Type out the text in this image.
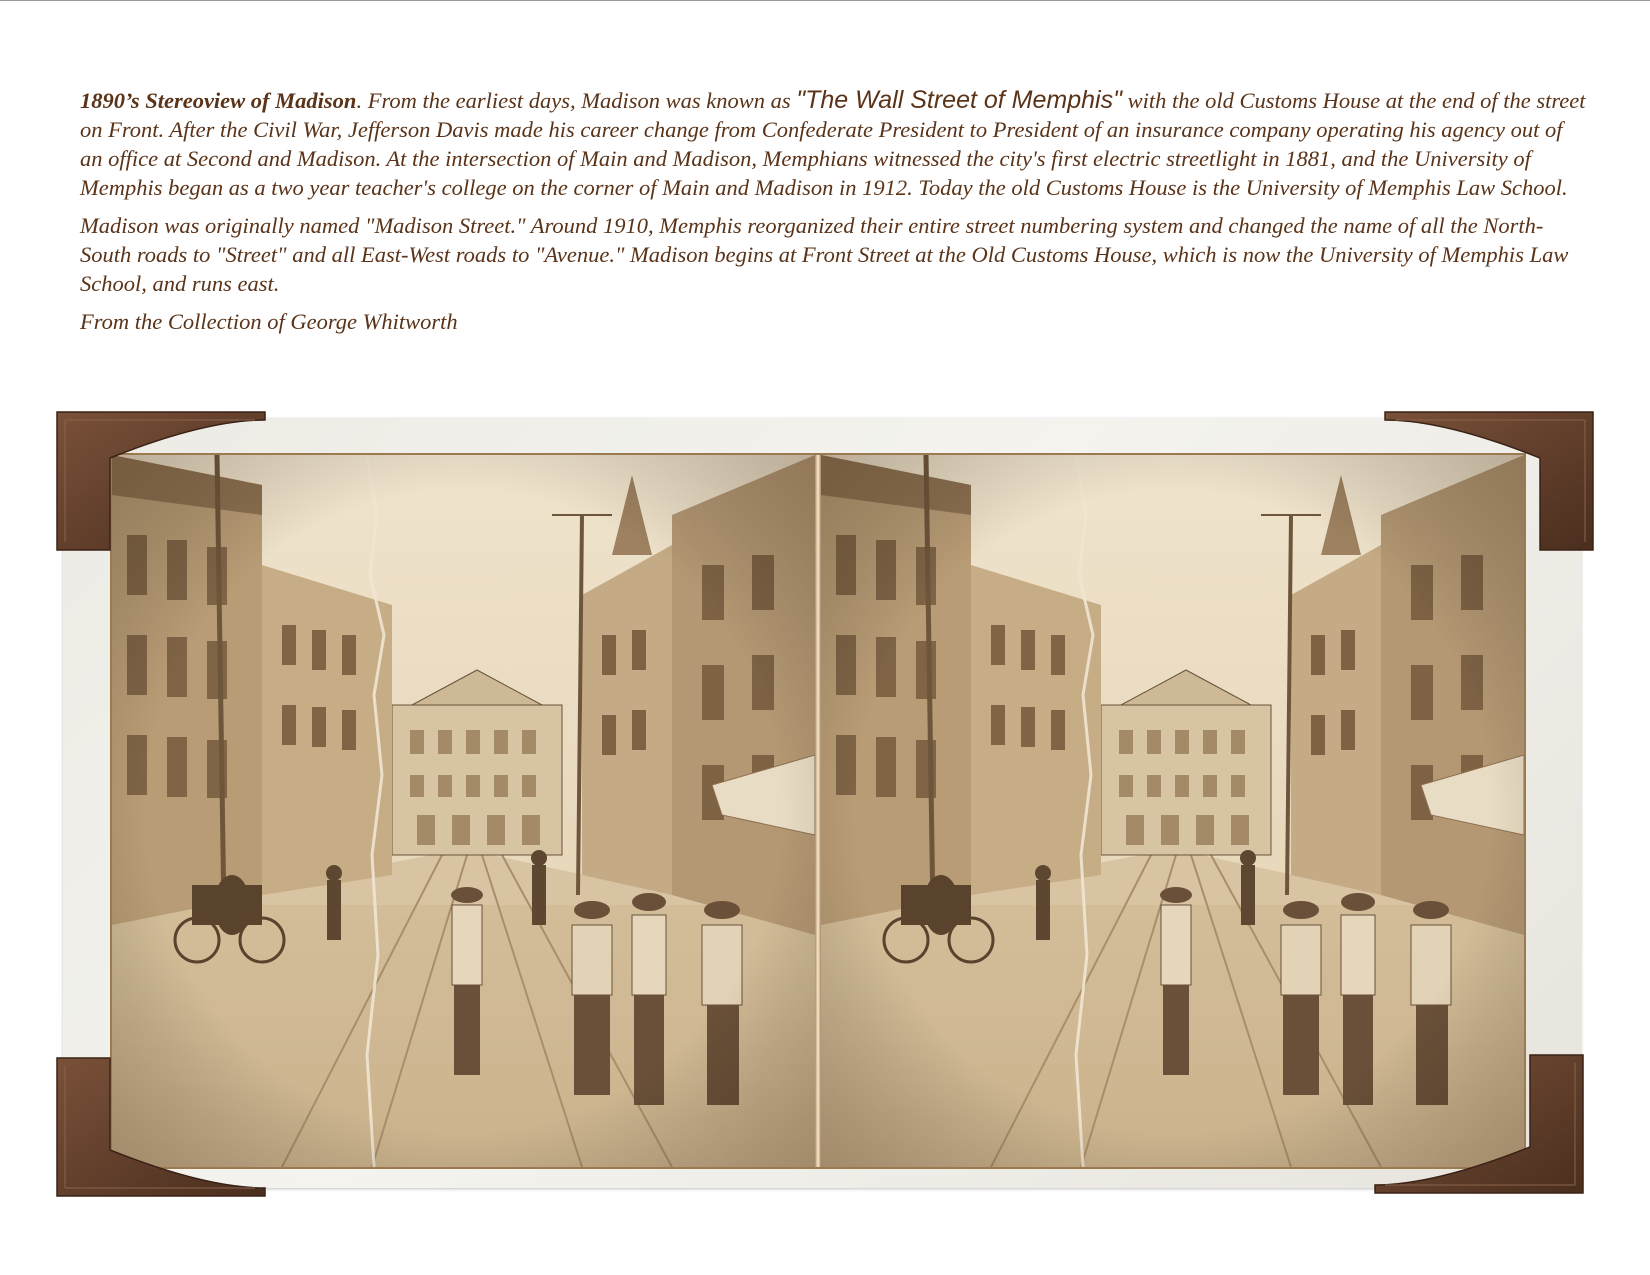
1890’s Stereoview of Madison. From the earliest days, Madison was known as "The Wall Street of Memphis" with the old Customs House at the end of the street on Front. After the Civil War, Jefferson Davis made his career change from Confederate President to President of an insurance company operating his agency out of an office at Second and Madison. At the intersection of Main and Madison, Memphians witnessed the city's first electric streetlight in 1881, and the University of Memphis began as a two year teacher's college on the corner of Main and Madison in 1912. Today the old Customs House is the University of Memphis Law School.

Madison was originally named "Madison Street." Around 1910, Memphis reorganized their entire street numbering system and changed the name of all the North-South roads to "Street" and all East-West roads to "Avenue." Madison begins at Front Street at the Old Customs House, which is now the University of Memphis Law School, and runs east.

From the Collection of George Whitworth
